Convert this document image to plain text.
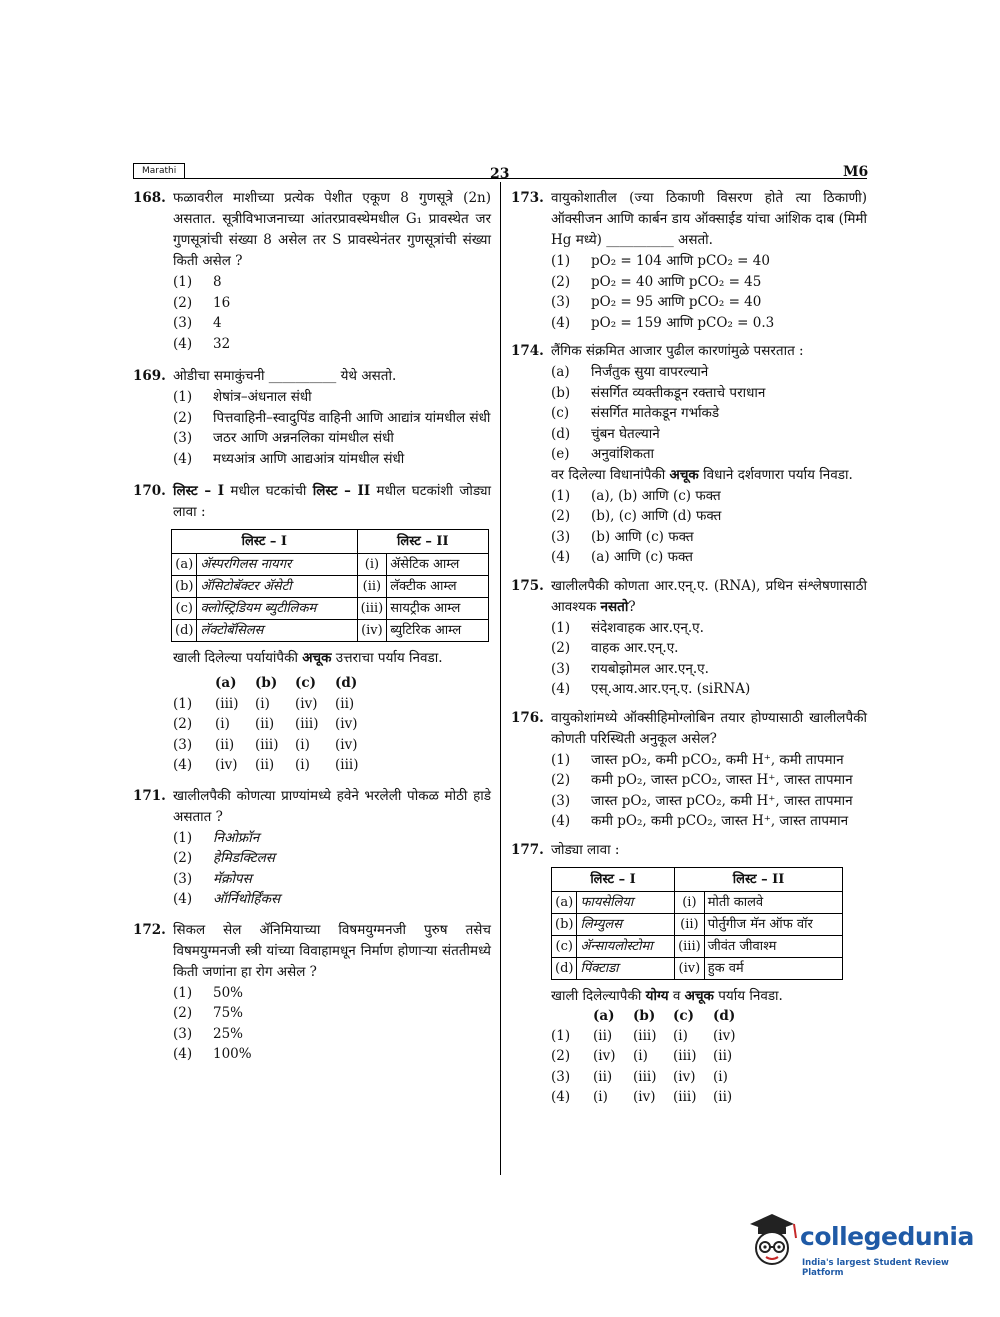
Marathi	23	M6
168. फळावरील माशीच्या प्रत्येक पेशीत एकूण 8 गुणसूत्रे (2n) असतात. सूत्रीविभाजनाच्या आंतरप्रावस्थेमधील G₁ प्रावस्थेत जर गुणसूत्रांची संख्या 8 असेल तर S प्रावस्थेनंतर गुणसूत्रांची संख्या किती असेल ?
(1)	8
(2)	16
(3)	4
(4)	32
169. ओडीचा समाकुंचनी __________ येथे असतो.
(1)	शेषांत्र–अंधनाल संधी
(2)	पित्तवाहिनी–स्वादुपिंड वाहिनी आणि आद्यांत्र यांमधील संधी
(3)	जठर आणि अन्ननलिका यांमधील संधी
(4)	मध्यआंत्र आणि आद्यआंत्र यांमधील संधी
170. लिस्ट – I मधील घटकांची लिस्ट – II मधील घटकांशी जोड्या लावा :
लिस्ट – I		लिस्ट – II	
(a)	ॲस्परगिलस नायगर	(i)	ॲसेटिक आम्ल
(b)	ॲसिटोबॅक्टर ॲसेटी	(ii)	लॅक्टीक आम्ल
(c)	क्लोस्ट्रिडियम ब्युटीलिकम	(iii)	सायट्रीक आम्ल
(d)	लॅक्टोबॅसिलस	(iv)	ब्युटिरिक आम्ल
खाली दिलेल्या पर्यायांपैकी अचूक उत्तराचा पर्याय निवडा.
(a)	(b)	(c)	(d)
(1)	(iii)	(i)	(iv)	(ii)
(2)	(i)	(ii)	(iii)	(iv)
(3)	(ii)	(iii)	(i)	(iv)
(4)	(iv)	(ii)	(i)	(iii)
171. खालीलपैकी कोणत्या प्राण्यांमध्ये हवेने भरलेली पोकळ मोठी हाडे असतात ?
(1)	निओफ्रॉन
(2)	हेमिडक्टिलस
(3)	मॅक्रोपस
(4)	ऑर्निथोर्हिंकस
172. सिकल सेल ॲनिमियाच्या विषमयुग्मनजी पुरुष तसेच विषमयुग्मनजी स्त्री यांच्या विवाहामधून निर्माण होणाऱ्या संततीमध्ये किती जणांना हा रोग असेल ?
(1)	50%
(2)	75%
(3)	25%
(4)	100%
173. वायुकोशातील (ज्या ठिकाणी विसरण होते त्या ठिकाणी) ऑक्सीजन आणि कार्बन डाय ऑक्साईड यांचा आंशिक दाब (मिमी Hg मध्ये) __________ असतो.
(1)	pO₂ = 104 आणि pCO₂ = 40
(2)	pO₂ = 40 आणि pCO₂ = 45
(3)	pO₂ = 95 आणि pCO₂ = 40
(4)	pO₂ = 159 आणि pCO₂ = 0.3
174. लैंगिक संक्रमित आजार पुढील कारणांमुळे पसरतात :
(a)	निर्जंतुक सुया वापरल्याने
(b)	संसर्गित व्यक्तीकडून रक्ताचे पराधान
(c)	संसर्गित मातेकडून गर्भाकडे
(d)	चुंबन घेतल्याने
(e)	अनुवांशिकता
वर दिलेल्या विधानांपैकी अचूक विधाने दर्शवणारा पर्याय निवडा.
(1)	(a), (b) आणि (c) फक्त
(2)	(b), (c) आणि (d) फक्त
(3)	(b) आणि (c) फक्त
(4)	(a) आणि (c) फक्त
175. खालीलपैकी कोणता आर.एन्.ए. (RNA), प्रथिन संश्लेषणासाठी आवश्यक नसतो?
(1)	संदेशवाहक आर.एन्.ए.
(2)	वाहक आर.एन्.ए.
(3)	रायबोझोमल आर.एन्.ए.
(4)	एस्.आय.आर.एन्.ए. (siRNA)
176. वायुकोशांमध्ये ऑक्सीहिमोग्लोबिन तयार होण्यासाठी खालीलपैकी कोणती परिस्थिती अनुकूल असेल?
(1)	जास्त pO₂, कमी pCO₂, कमी H⁺, कमी तापमान
(2)	कमी pO₂, जास्त pCO₂, जास्त H⁺, जास्त तापमान
(3)	जास्त pO₂, जास्त pCO₂, कमी H⁺, जास्त तापमान
(4)	कमी pO₂, कमी pCO₂, जास्त H⁺, जास्त तापमान
177. जोड्या लावा :
लिस्ट – I		लिस्ट – II	
(a)	फायसेलिया	(i)	मोती कालवे
(b)	लिम्युलस	(ii)	पोर्तुगीज मॅन ऑफ वॉर
(c)	ॲन्सायलोस्टोमा	(iii)	जीवंत जीवाश्म
(d)	पिंक्टाडा	(iv)	हुक वर्म
खाली दिलेल्यापैकी योग्य व अचूक पर्याय निवडा.
(a)	(b)	(c)	(d)
(1)	(ii)	(iii)	(i)	(iv)
(2)	(iv)	(i)	(iii)	(ii)
(3)	(ii)	(iii)	(iv)	(i)
(4)	(i)	(iv)	(iii)	(ii)
collegedunia
India's largest Student Review Platform
